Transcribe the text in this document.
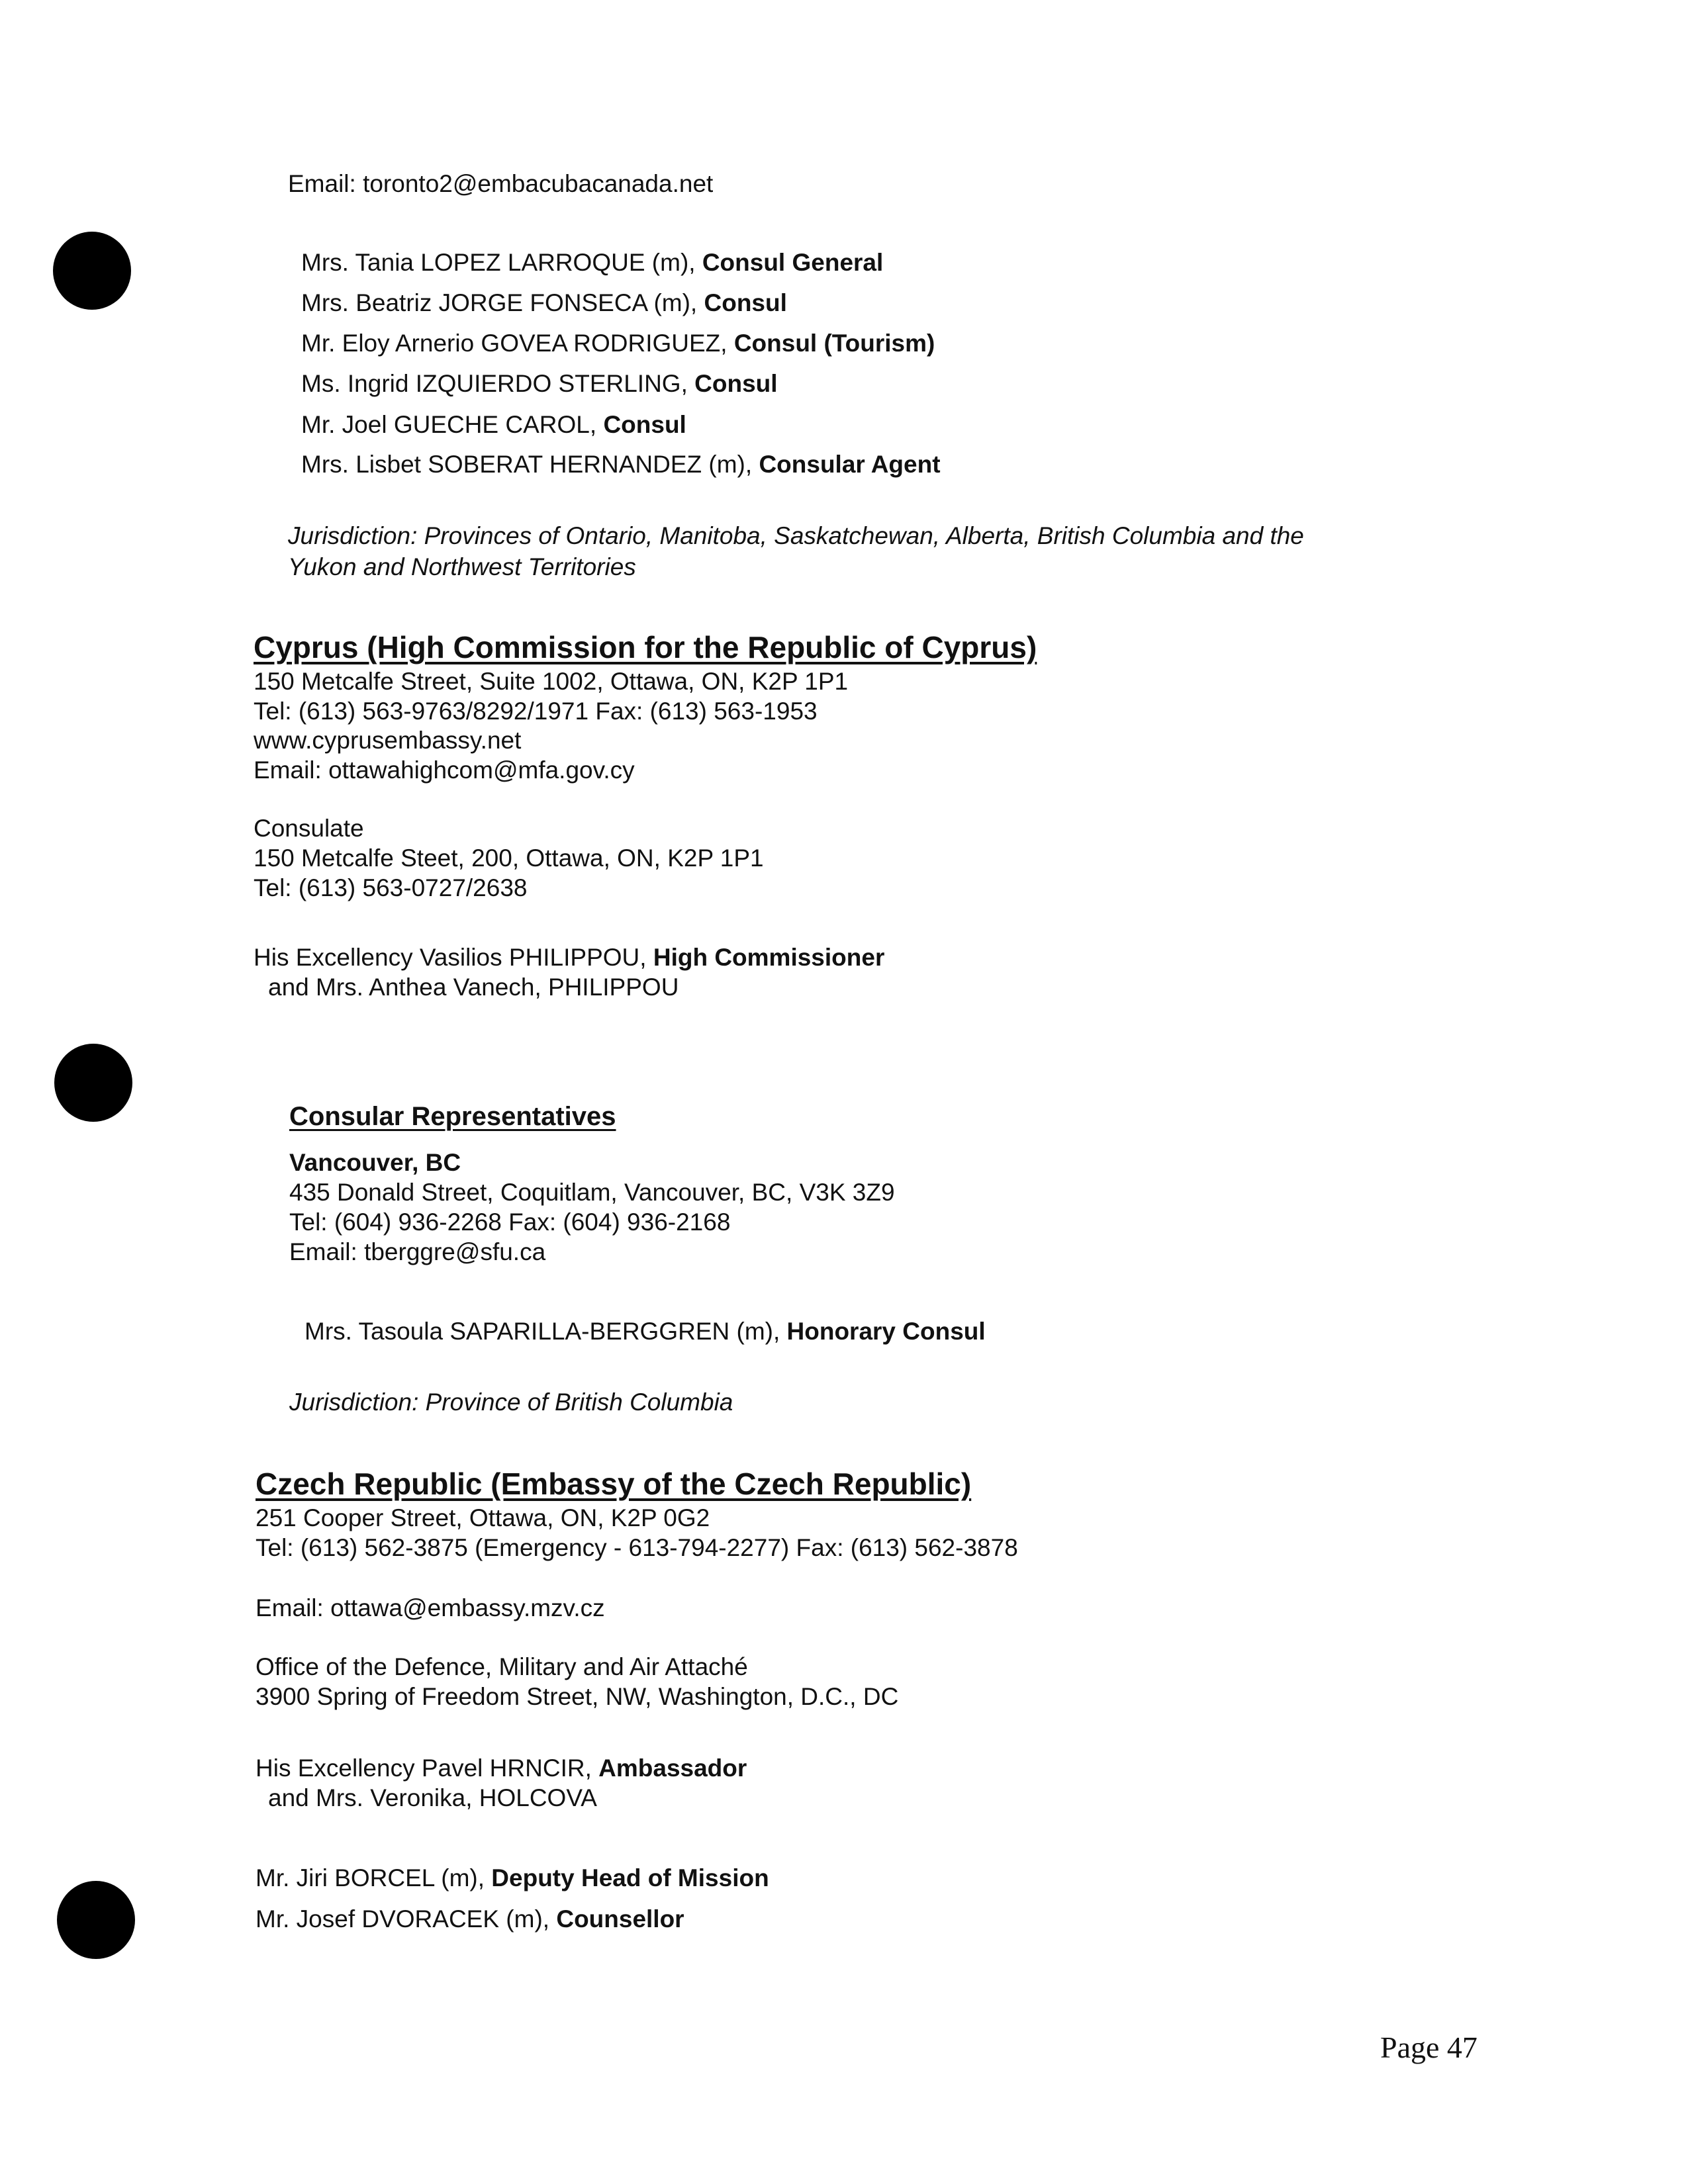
Email: toronto2@embacubacanada.net
Mrs. Tania LOPEZ LARROQUE (m), Consul General
Mrs. Beatriz JORGE FONSECA (m), Consul
Mr. Eloy Arnerio GOVEA RODRIGUEZ, Consul (Tourism)
Ms. Ingrid IZQUIERDO STERLING, Consul
Mr. Joel GUECHE CAROL, Consul
Mrs. Lisbet SOBERAT HERNANDEZ (m), Consular Agent
Jurisdiction: Provinces of Ontario, Manitoba, Saskatchewan, Alberta, British Columbia and the
Yukon and Northwest Territories
Cyprus (High Commission for the Republic of Cyprus)
150 Metcalfe Street, Suite 1002, Ottawa, ON, K2P 1P1
Tel: (613) 563-9763/8292/1971 Fax: (613) 563-1953
www.cyprusembassy.net
Email: ottawahighcom@mfa.gov.cy
Consulate
150 Metcalfe Steet, 200, Ottawa, ON, K2P 1P1
Tel: (613) 563-0727/2638
His Excellency Vasilios PHILIPPOU, High Commissioner
and Mrs. Anthea Vanech, PHILIPPOU
Consular Representatives
Vancouver, BC
435 Donald Street, Coquitlam, Vancouver, BC, V3K 3Z9
Tel: (604) 936-2268 Fax: (604) 936-2168
Email: tberggre@sfu.ca
Mrs. Tasoula SAPARILLA-BERGGREN (m), Honorary Consul
Jurisdiction: Province of British Columbia
Czech Republic (Embassy of the Czech Republic)
251 Cooper Street, Ottawa, ON, K2P 0G2
Tel: (613) 562-3875 (Emergency - 613-794-2277) Fax: (613) 562-3878
Email: ottawa@embassy.mzv.cz
Office of the Defence, Military and Air Attaché
3900 Spring of Freedom Street, NW, Washington, D.C., DC
His Excellency Pavel HRNCIR, Ambassador
and Mrs. Veronika, HOLCOVA
Mr. Jiri BORCEL (m), Deputy Head of Mission
Mr. Josef DVORACEK (m), Counsellor
Page 47
